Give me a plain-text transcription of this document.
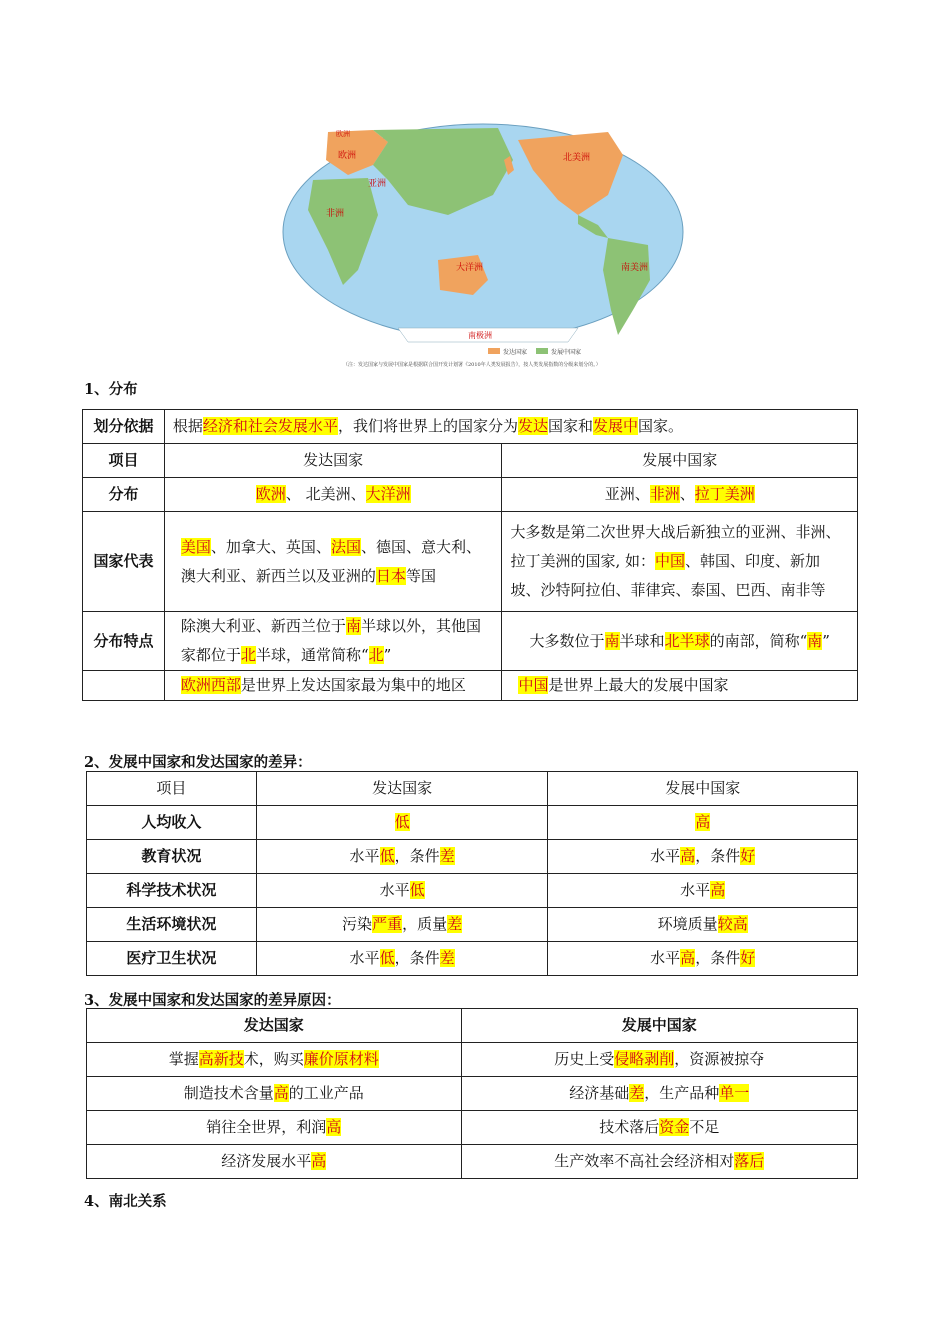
欧洲
欧洲
亚洲
非洲
大洋洲
北美洲
南美洲
南极洲
发达国家	发展中国家
（注：发达国家与发展中国家是根据联合国开发计划署《2010年人类发展报告》，按人类发展指数的分级来划分的。）
1、分布
划分依据	根据经济和社会发展水平，我们将世界上的国家分为发达国家和发展中国家。	
项目	发达国家	发展中国家
分布	欧洲、 北美洲、大洋洲	亚洲、非洲、拉丁美洲
国家代表	美国、加拿大、英国、法国、德国、意大利、澳大利亚、新西兰以及亚洲的日本等国	大多数是第二次世界大战后新独立的亚洲、非洲、拉丁美洲的国家, 如：中国、韩国、印度、新加坡、沙特阿拉伯、菲律宾、泰国、巴西、南非等
分布特点	除澳大利亚、新西兰位于南半球以外，其他国家都位于北半球，通常简称“北”	大多数位于南半球和北半球的南部，简称“南”
	欧洲西部是世界上发达国家最为集中的地区	中国是世界上最大的发展中国家
2、发展中国家和发达国家的差异：
项目	发达国家	发展中国家
人均收入	低	高
教育状况	水平低，条件差	水平高，条件好
科学技术状况	水平低	水平高
生活环境状况	污染严重，质量差	环境质量较高
医疗卫生状况	水平低，条件差	水平高，条件好
3、发展中国家和发达国家的差异原因：
发达国家	发展中国家
掌握高新技术，购买廉价原材料	历史上受侵略剥削，资源被掠夺
制造技术含量高的工业产品	经济基础差，生产品种单一
销往全世界，利润高	技术落后资金不足
经济发展水平高	生产效率不高社会经济相对落后
4、南北关系
